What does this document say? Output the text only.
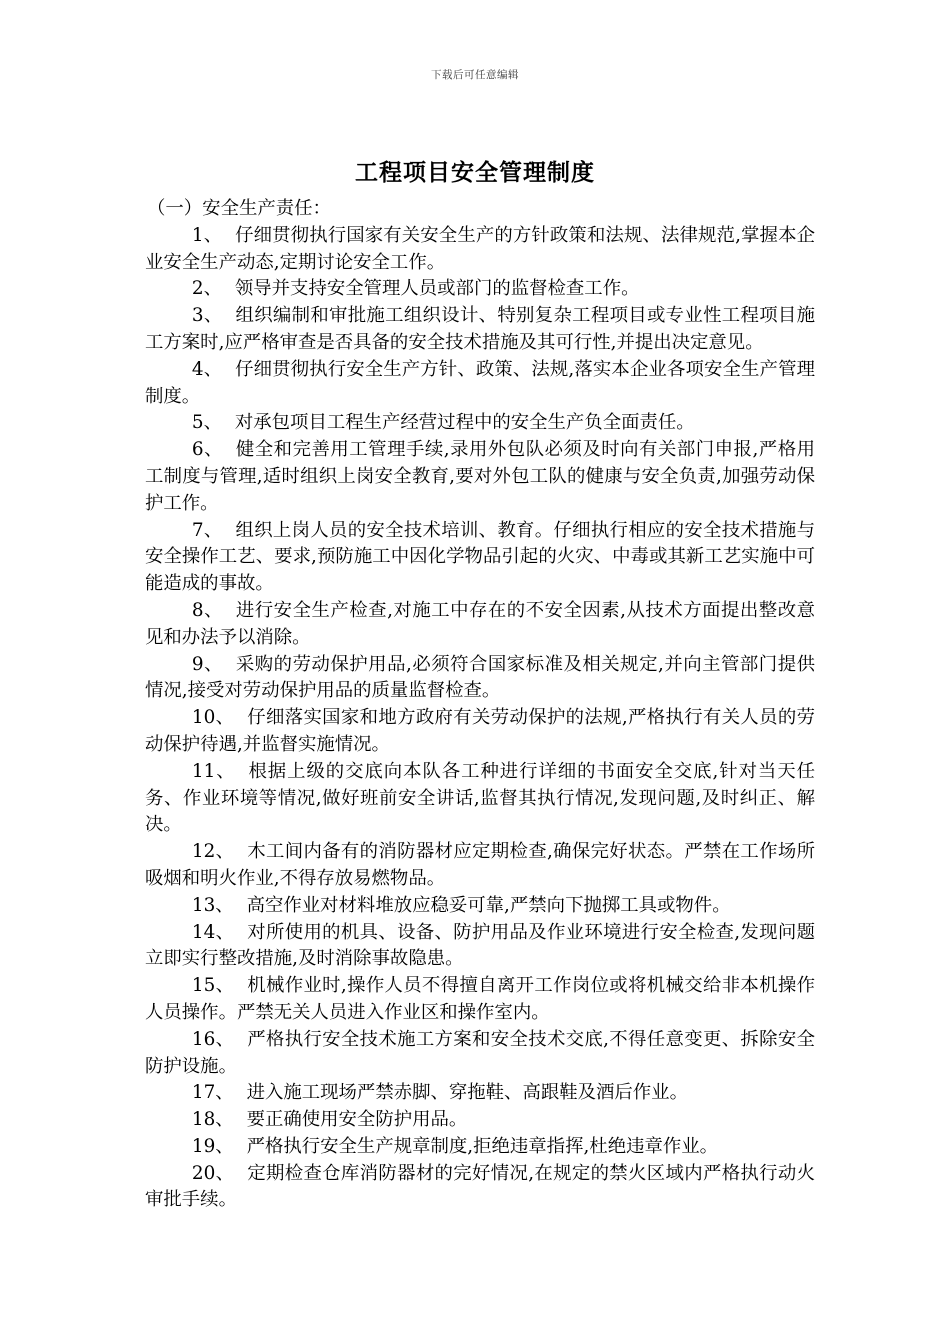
下载后可任意编辑
工程项目安全管理制度

（一）安全生产责任：

1、 仔细贯彻执行国家有关安全生产的方针政策和法规、法律规范,掌握本企业安全生产动态,定期讨论安全工作。

2、 领导并支持安全管理人员或部门的监督检查工作。

3、 组织编制和审批施工组织设计、特别复杂工程项目或专业性工程项目施工方案时,应严格审查是否具备的安全技术措施及其可行性,并提出决定意见。

4、 仔细贯彻执行安全生产方针、政策、法规,落实本企业各项安全生产管理制度。

5、 对承包项目工程生产经营过程中的安全生产负全面责任。

6、 健全和完善用工管理手续,录用外包队必须及时向有关部门申报,严格用工制度与管理,适时组织上岗安全教育,要对外包工队的健康与安全负责,加强劳动保护工作。

7、 组织上岗人员的安全技术培训、教育。仔细执行相应的安全技术措施与安全操作工艺、要求,预防施工中因化学物品引起的火灾、中毒或其新工艺实施中可能造成的事故。

8、 进行安全生产检查,对施工中存在的不安全因素,从技术方面提出整改意见和办法予以消除。

9、 采购的劳动保护用品,必须符合国家标准及相关规定,并向主管部门提供情况,接受对劳动保护用品的质量监督检查。

10、 仔细落实国家和地方政府有关劳动保护的法规,严格执行有关人员的劳动保护待遇,并监督实施情况。

11、 根据上级的交底向本队各工种进行详细的书面安全交底,针对当天任务、作业环境等情况,做好班前安全讲话,监督其执行情况,发现问题,及时纠正、解决。

12、 木工间内备有的消防器材应定期检查,确保完好状态。严禁在工作场所吸烟和明火作业,不得存放易燃物品。

13、 高空作业对材料堆放应稳妥可靠,严禁向下抛掷工具或物件。

14、 对所使用的机具、设备、防护用品及作业环境进行安全检查,发现问题立即实行整改措施,及时消除事故隐患。

15、 机械作业时,操作人员不得擅自离开工作岗位或将机械交给非本机操作人员操作。严禁无关人员进入作业区和操作室内。

16、 严格执行安全技术施工方案和安全技术交底,不得任意变更、拆除安全防护设施。

17、 进入施工现场严禁赤脚、穿拖鞋、高跟鞋及酒后作业。

18、 要正确使用安全防护用品。

19、 严格执行安全生产规章制度,拒绝违章指挥,杜绝违章作业。

20、 定期检查仓库消防器材的完好情况,在规定的禁火区域内严格执行动火审批手续。
